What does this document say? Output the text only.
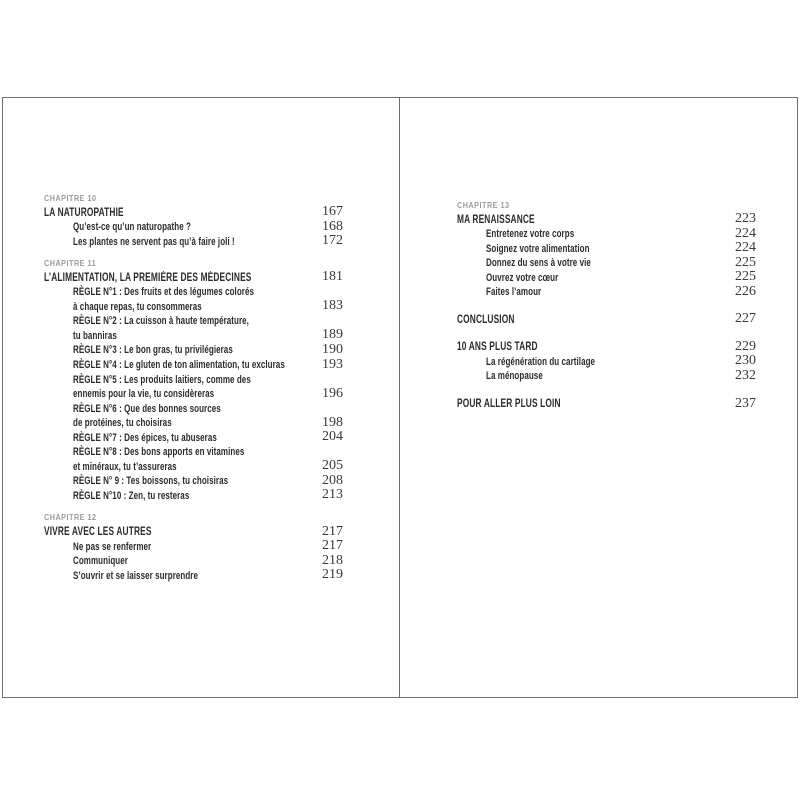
CHAPITRE 10
LA NATUROPATHIE	167
Qu’est-ce qu’un naturopathe ?	168
Les plantes ne servent pas qu’à faire joli !	172
CHAPITRE 11
L’ALIMENTATION, LA PREMIÈRE DES MÉDECINES	181
RÈGLE N°1 : Des fruits et des légumes colorés
à chaque repas, tu consommeras	183
RÈGLE N°2 : La cuisson à haute température,
tu banniras	189
RÈGLE N°3 : Le bon gras, tu privilégieras	190
RÈGLE N°4 : Le gluten de ton alimentation, tu excluras	193
RÈGLE N°5 : Les produits laitiers, comme des
ennemis pour la vie, tu considèreras	196
RÈGLE N°6 : Que des bonnes sources
de protéines, tu choisiras	198
RÈGLE N°7 : Des épices, tu abuseras	204
RÈGLE N°8 : Des bons apports en vitamines
et minéraux, tu t’assureras	205
RÈGLE N° 9 : Tes boissons, tu choisiras	208
RÈGLE N°10 : Zen, tu resteras	213
CHAPITRE 12
VIVRE AVEC LES AUTRES	217
Ne pas se renfermer	217
Communiquer	218
S’ouvrir et se laisser surprendre	219
CHAPITRE 13
MA RENAISSANCE	223
Entretenez votre corps	224
Soignez votre alimentation	224
Donnez du sens à votre vie	225
Ouvrez votre cœur	225
Faites l’amour	226
CONCLUSION	227
10 ANS PLUS TARD	229
La régénération du cartilage	230
La ménopause	232
POUR ALLER PLUS LOIN	237
